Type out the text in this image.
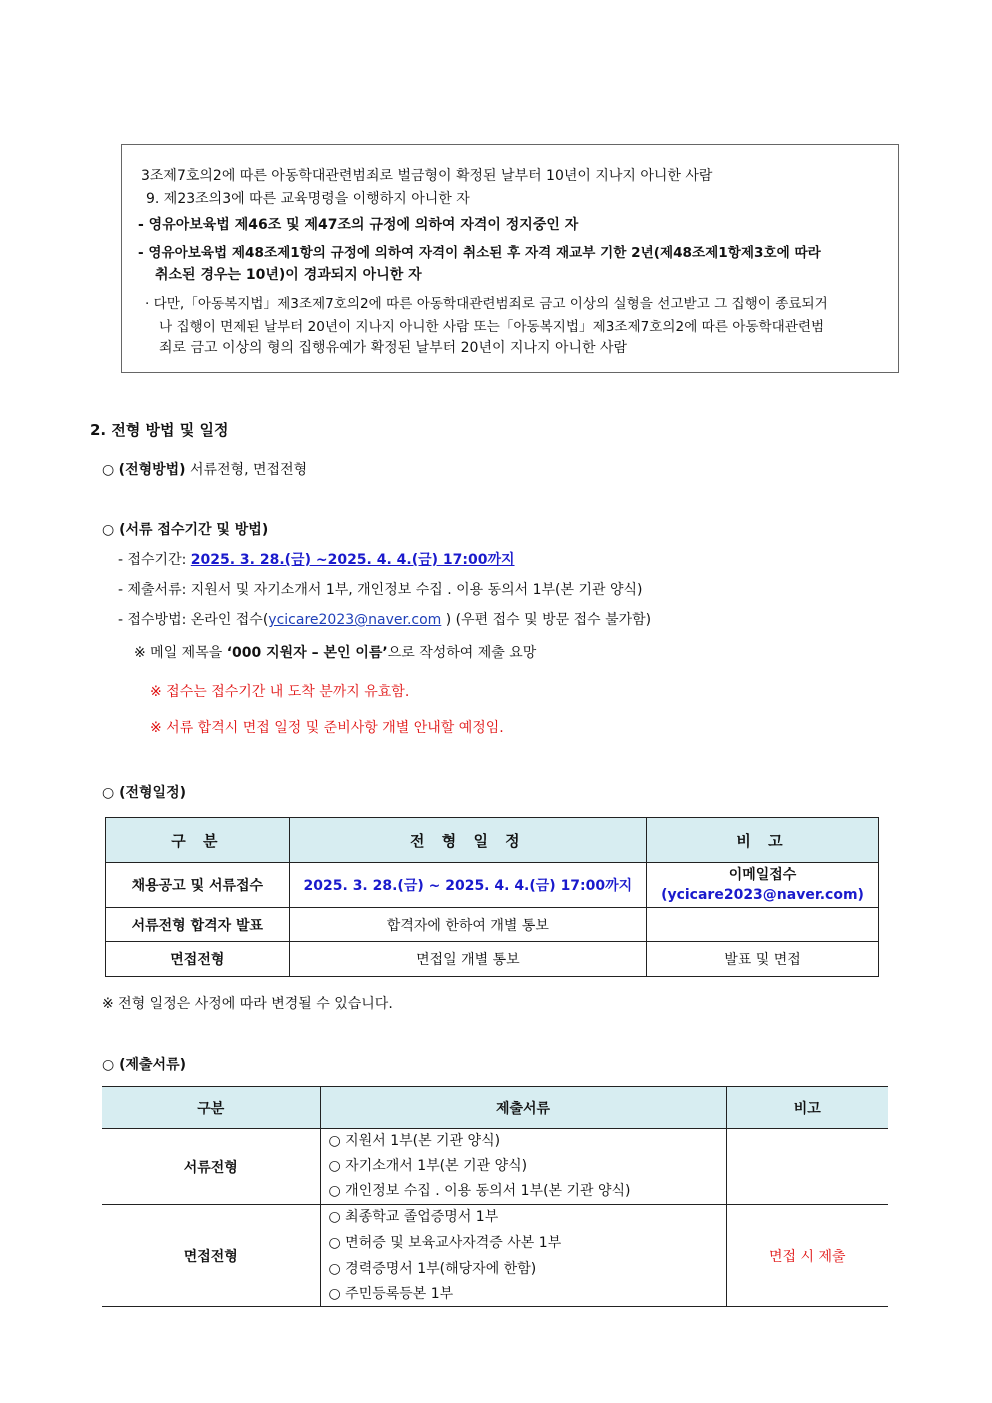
3조제7호의2에 따른 아동학대관련범죄로 벌금형이 확정된 날부터 10년이 지나지 아니한 사람
9. 제23조의3에 따른 교육명령을 이행하지 아니한 자
- 영유아보육법 제46조 및 제47조의 규정에 의하여 자격이 정지중인 자
- 영유아보육법 제48조제1항의 규정에 의하여 자격이 취소된 후 자격 재교부 기한 2년(제48조제1항제3호에 따라
취소된 경우는 10년)이 경과되지 아니한 자
· 다만,「아동복지법」제3조제7호의2에 따른 아동학대관련범죄로 금고 이상의 실형을 선고받고 그 집행이 종료되거
나 집행이 면제된 날부터 20년이 지나지 아니한 사람 또는「아동복지법」제3조제7호의2에 따른 아동학대관련범
죄로 금고 이상의 형의 집행유예가 확정된 날부터 20년이 지나지 아니한 사람
2. 전형 방법 및 일정
○ (전형방법) 서류전형, 면접전형
○ (서류 접수기간 및 방법)
- 접수기간: 2025. 3. 28.(금) ~2025. 4. 4.(금) 17:00까지
- 제출서류: 지원서 및 자기소개서 1부, 개인정보 수집 . 이용 동의서 1부(본 기관 양식)
- 접수방법: 온라인 접수(ycicare2023@naver.com ) (우편 접수 및 방문 접수 불가함)
※ 메일 제목을 ‘000 지원자 – 본인 이름’으로 작성하여 제출 요망
※ 접수는 접수기간 내 도착 분까지 유효함.
※ 서류 합격시 면접 일정 및 준비사항 개별 안내할 예정임.
○ (전형일정)
구 분	전 형 일 정	비 고
채용공고 및 서류접수	2025. 3. 28.(금) ~ 2025. 4. 4.(금) 17:00까지	이메일접수
(ycicare2023@naver.com)

서류전형 합격자 발표	합격자에 한하여 개별 통보	
면접전형	면접일 개별 통보	발표 및 면접
※ 전형 일정은 사정에 따라 변경될 수 있습니다.
○ (제출서류)
구분	제출서류	비고
서류전형	○ 지원서 1부(본 기관 양식)
○ 자기소개서 1부(본 기관 양식)
○ 개인정보 수집 . 이용 동의서 1부(본 기관 양식)	

면접전형	○ 최종학교 졸업증명서 1부
○ 면허증 및 보육교사자격증 사본 1부
○ 경력증명서 1부(해당자에 한함)
○ 주민등록등본 1부	면접 시 제출
